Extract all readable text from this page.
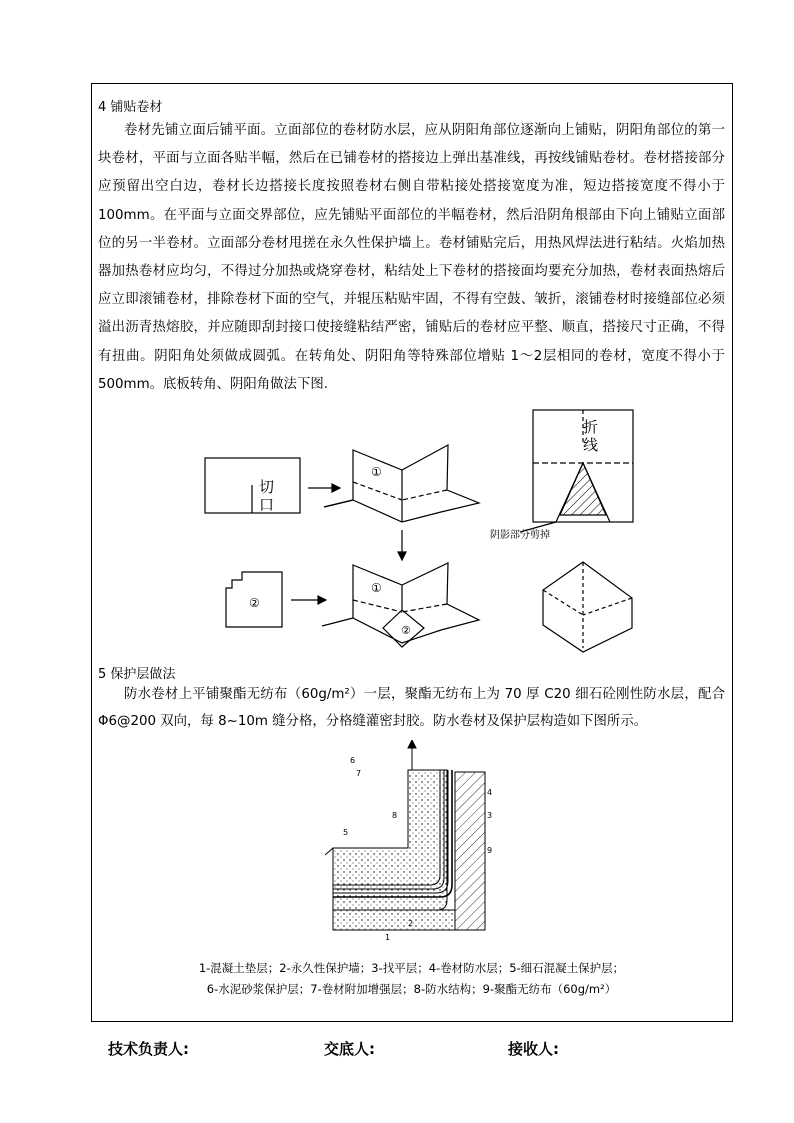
4 铺贴卷材

卷材先铺立面后铺平面。立面部位的卷材防水层，应从阴阳角部位逐渐向上铺贴，阴阳角部位的第一块卷材，平面与立面各贴半幅，然后在已铺卷材的搭接边上弹出基准线，再按线铺贴卷材。卷材搭接部分应预留出空白边，卷材长边搭接长度按照卷材右侧自带粘接处搭接宽度为准，短边搭接宽度不得小于 100mm。在平面与立面交界部位，应先铺贴平面部位的半幅卷材，然后沿阴角根部由下向上铺贴立面部位的另一半卷材。立面部分卷材甩搓在永久性保护墙上。卷材铺贴完后，用热风焊法进行粘结。火焰加热器加热卷材应均匀，不得过分加热或烧穿卷材，粘结处上下卷材的搭接面均要充分加热，卷材表面热熔后应立即滚铺卷材，排除卷材下面的空气，并辊压粘贴牢固，不得有空鼓、皱折，滚铺卷材时接缝部位必须溢出沥青热熔胶，并应随即刮封接口使接缝粘结严密，铺贴后的卷材应平整、顺直，搭接尺寸正确，不得有扭曲。阴阳角处须做成圆弧。在转角处、阴阳角等特殊部位增贴 1～2层相同的卷材，宽度不得小于 500mm。底板转角、阴阳角做法下图.

切
口
折
线
阴影部分剪掉
①
①
②
②
5 保护层做法

防水卷材上平铺聚酯无纺布（60g/m²）一层，聚酯无纺布上为 70 厚 C20 细石砼刚性防水层，配合Φ6@200 双向，每 8~10m 缝分格，分格缝灌密封胶。防水卷材及保护层构造如下图所示。

6
7
8
5
4
3
9
2
1
1-混凝土垫层；2-永久性保护墙；3-找平层；4-卷材防水层；5-细石混凝土保护层；
6-水泥砂浆保护层；7-卷材附加增强层；8-防水结构；9-聚酯无纺布（60g/m²）
技术负责人:	交底人:	接收人:
